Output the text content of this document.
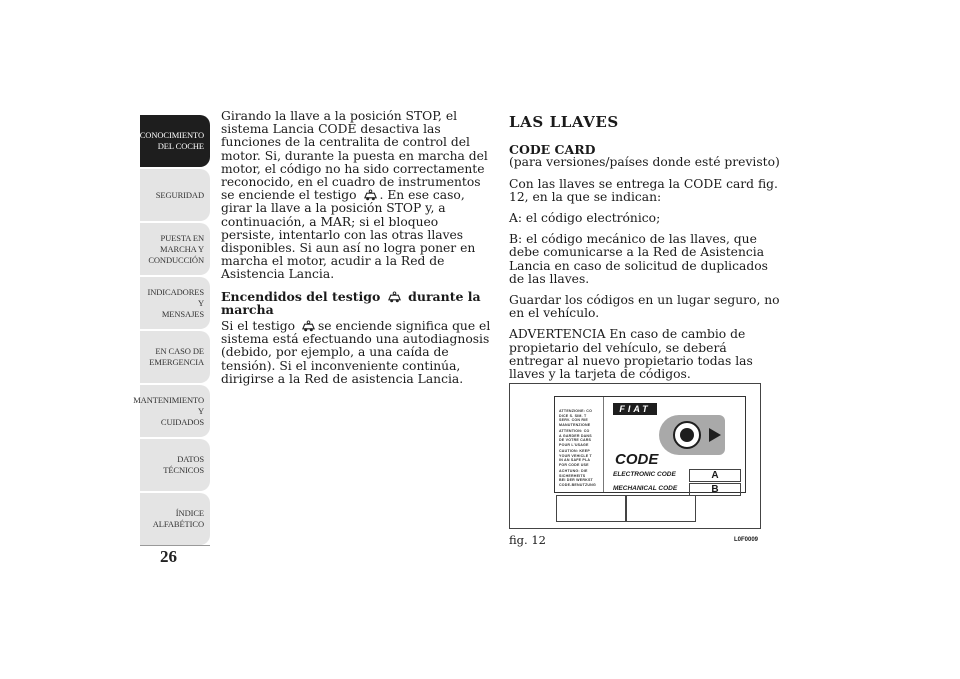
CONOCIMIENTO
DEL COCHE
SEGURIDAD
PUESTA EN
MARCHA Y
CONDUCCIÓN
INDICADORES Y
MENSAJES
EN CASO DE
EMERGENCIA
MANTENIMIENTO Y
CUIDADOS
DATOS TÉCNICOS
ÍNDICE
ALFABÉTICO
26

Girando la llave a la posición STOP, el sistema Lancia CODE desactiva las funciones de la centralita de control del motor. Si, durante la puesta en marcha del motor, el código no ha sido correctamente reconocido, en el cuadro de instrumentos se enciende el testigo . En ese caso, girar la llave a la posición STOP y, a continuación, a MAR; si el bloqueo persiste, intentarlo con las otras llaves disponibles. Si aun así no logra poner en marcha el motor, acudir a la Red de Asistencia Lancia.

Encendidos del testigo durante la marcha

Si el testigo se enciende significa que el sistema está efectuando una autodiagnosis (debido, por ejemplo, a una caída de tensión). Si el inconveniente continúa, dirigirse a la Red de asistencia Lancia.

LAS LLAVES
CODE CARD

(para versiones/países donde esté previsto)

Con las llaves se entrega la CODE card fig. 12, en la que se indican:

A: el código electrónico;

B: el código mecánico de las llaves, que debe comunicarse a la Red de Asistencia Lancia en caso de solicitud de duplicados de las llaves.

Guardar los códigos en un lugar seguro, no en el vehículo.

ADVERTENCIA En caso de cambio de propietario del vehículo, se deberá entregar al nuevo propietario todas las llaves y la tarjeta de códigos.

ATTENZIONE: CO
DICE S. SIM. T
SERV. CON RIE
MANUTENZIONE
ATTENTION: CO
A GARDER DANS
DE VOTRE CARS
POUR L'USAGE
CAUTION: KEEP
YOUR VEHICLE T
IN AN SAFE PLA
FOR CODE USE
ACHTUNG: DIE
SICHERHEITS
BEI DER WERKST
CODE-BENUTZUNG
FIAT
CODE
ELECTRONIC CODE	A
MECHANICAL CODE	B
fig. 12	L0F0009
